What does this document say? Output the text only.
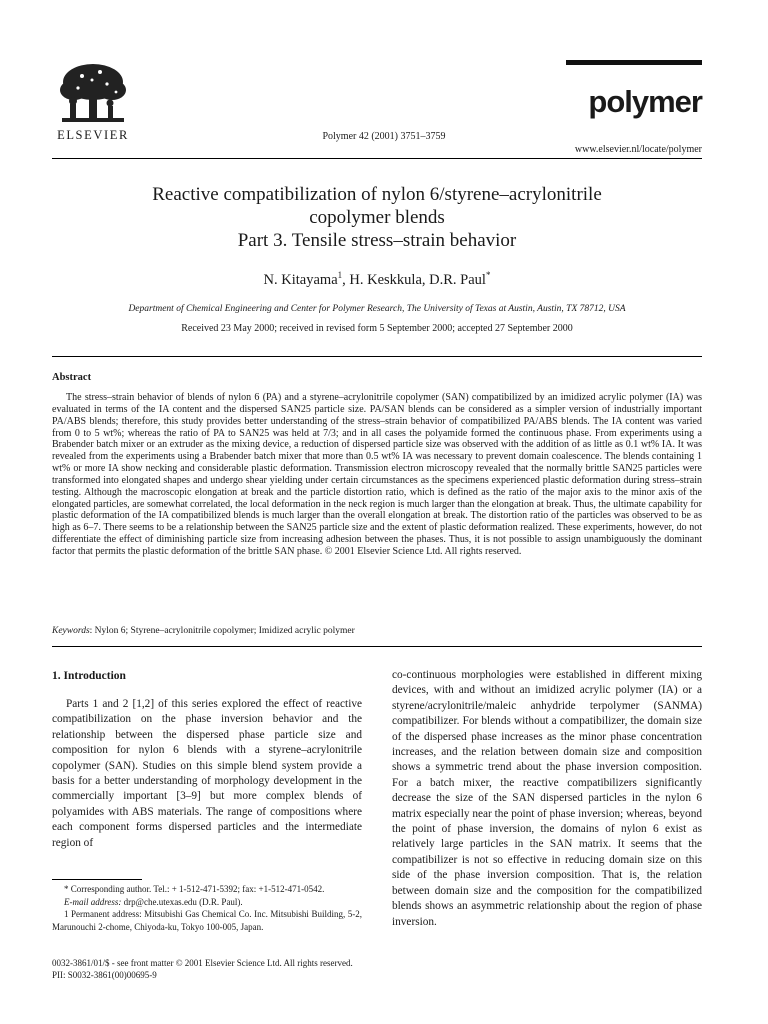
ELSEVIER	Polymer 42 (2001) 3751–3759
polymer
www.elsevier.nl/locate/polymer
Reactive compatibilization of nylon 6/styrene–acrylonitrile
copolymer blends
Part 3. Tensile stress–strain behavior
N. Kitayama$^1$, H. Keskkula, D.R. Paul*
Department of Chemical Engineering and Center for Polymer Research, The University of Texas at Austin, Austin, TX 78712, USA
Received 23 May 2000; received in revised form 5 September 2000; accepted 27 September 2000
Abstract
The stress–strain behavior of blends of nylon 6 (PA) and a styrene–acrylonitrile copolymer (SAN) compatibilized by an imidized acrylic polymer (IA) was evaluated in terms of the IA content and the dispersed SAN25 particle size. PA/SAN blends can be considered as a simpler version of industrially important PA/ABS blends; therefore, this study provides better understanding of the stress–strain behavior of compatibilized PA/ABS blends. The IA content was varied from 0 to 5 wt%; whereas the ratio of PA to SAN25 was held at 7/3; and in all cases the polyamide formed the continuous phase. From experiments using a Brabender batch mixer or an extruder as the mixing device, a reduction of dispersed particle size was observed with the addition of as little as 0.1 wt% IA. It was revealed from the experiments using a Brabender batch mixer that more than 0.5 wt% IA was necessary to prevent domain coalescence. The blends containing 1 wt% or more IA show necking and considerable plastic deformation. Transmission electron microscopy revealed that the normally brittle SAN25 particles were transformed into elongated shapes and undergo shear yielding under certain circumstances as the specimens experienced plastic deformation during stress–strain testing. Although the macroscopic elongation at break and the particle distortion ratio, which is defined as the ratio of the major axis to the minor axis of the elongated particles, are somewhat correlated, the local deformation in the neck region is much larger than the elongation at break. Thus, the ultimate capability for plastic deformation of the IA compatibilized blends is much larger than the overall elongation at break. The distortion ratio of the particles was observed to be as high as 6–7. There seems to be a relationship between the SAN25 particle size and the extent of plastic deformation realized. These experiments, however, do not differentiate the effect of diminishing particle size from increasing adhesion between the phases. Thus, it is not possible to assign unambiguously the dominant factor that permits the plastic deformation of the brittle SAN phase. © 2001 Elsevier Science Ltd. All rights reserved.
Keywords: Nylon 6; Styrene–acrylonitrile copolymer; Imidized acrylic polymer
1. Introduction
Parts 1 and 2 [1,2] of this series explored the effect of reactive compatibilization on the phase inversion behavior and the relationship between the dispersed phase particle size and composition for nylon 6 blends with a styrene–acrylonitrile copolymer (SAN). Studies on this simple blend system provide a basis for a better understanding of morphology development in the commercially important [3–9] but more complex blends of polyamides with ABS materials. The range of compositions where each component forms dispersed particles and the intermediate region of
co-continuous morphologies were established in different mixing devices, with and without an imidized acrylic polymer (IA) or a styrene/acrylonitrile/maleic anhydride terpolymer (SANMA) compatibilizer. For blends without a compatibilizer, the domain size of the dispersed phase increases as the minor phase concentration increases, and the relation between domain size and composition shows a symmetric trend about the phase inversion composition. For a batch mixer, the reactive compatibilizers significantly decrease the size of the SAN dispersed particles in the nylon 6 matrix especially near the point of phase inversion; whereas, beyond the point of phase inversion, the domains of nylon 6 exist as relatively large particles in the SAN matrix. It seems that the compatibilizer is not so effective in reducing domain size on this side of the phase inversion composition. That is, the relation between domain size and the composition for the compatibilized blends shows an asymmetric relationship about the region of phase inversion.
* Corresponding author. Tel.: + 1-512-471-5392; fax: +1-512-471-0542.
E-mail address: drp@che.utexas.edu (D.R. Paul).
1 Permanent address: Mitsubishi Gas Chemical Co. Inc. Mitsubishi Building, 5-2, Marunouchi 2-chome, Chiyoda-ku, Tokyo 100-005, Japan.
0032-3861/01/$ - see front matter © 2001 Elsevier Science Ltd. All rights reserved.
PII: S0032-3861(00)00695-9
